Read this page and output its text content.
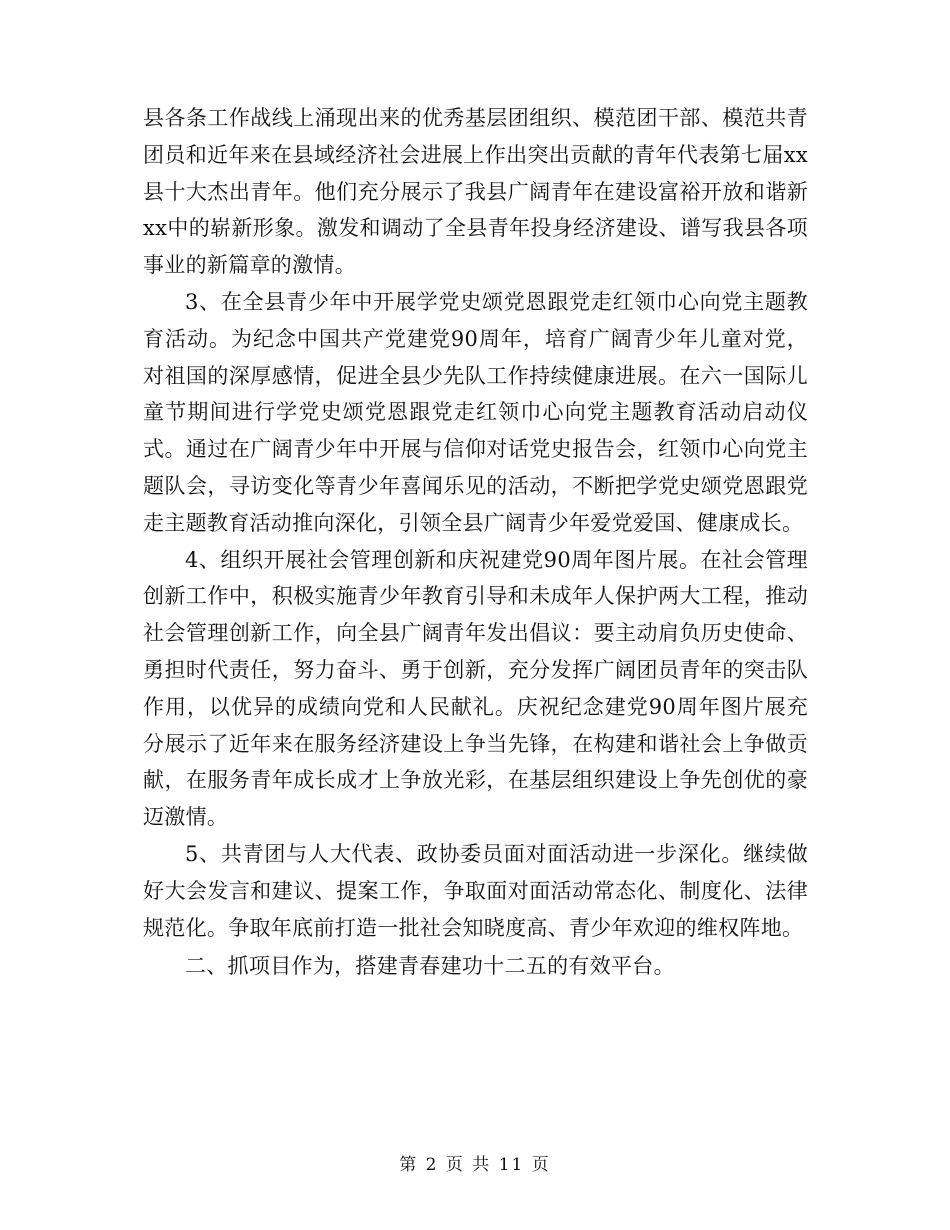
县各条工作战线上涌现出来的优秀基层团组织、模范团干部、模范共青团员和近年来在县域经济社会进展上作出突出贡献的青年代表第七届xx县十大杰出青年。他们充分展示了我县广阔青年在建设富裕开放和谐新xx中的崭新形象。激发和调动了全县青年投身经济建设、谱写我县各项事业的新篇章的激情。

3、在全县青少年中开展学党史颂党恩跟党走红领巾心向党主题教育活动。为纪念中国共产党建党90周年，培育广阔青少年儿童对党，对祖国的深厚感情，促进全县少先队工作持续健康进展。在六一国际儿童节期间进行学党史颂党恩跟党走红领巾心向党主题教育活动启动仪式。通过在广阔青少年中开展与信仰对话党史报告会，红领巾心向党主题队会，寻访变化等青少年喜闻乐见的活动，不断把学党史颂党恩跟党走主题教育活动推向深化，引领全县广阔青少年爱党爱国、健康成长。

4、组织开展社会管理创新和庆祝建党90周年图片展。在社会管理创新工作中，积极实施青少年教育引导和未成年人保护两大工程，推动社会管理创新工作，向全县广阔青年发出倡议：要主动肩负历史使命、勇担时代责任，努力奋斗、勇于创新，充分发挥广阔团员青年的突击队作用，以优异的成绩向党和人民献礼。庆祝纪念建党90周年图片展充分展示了近年来在服务经济建设上争当先锋，在构建和谐社会上争做贡献，在服务青年成长成才上争放光彩，在基层组织建设上争先创优的豪迈激情。

5、共青团与人大代表、政协委员面对面活动进一步深化。继续做好大会发言和建议、提案工作，争取面对面活动常态化、制度化、法律规范化。争取年底前打造一批社会知晓度高、青少年欢迎的维权阵地。

二、抓项目作为，搭建青春建功十二五的有效平台。

第 2 页 共 11 页
